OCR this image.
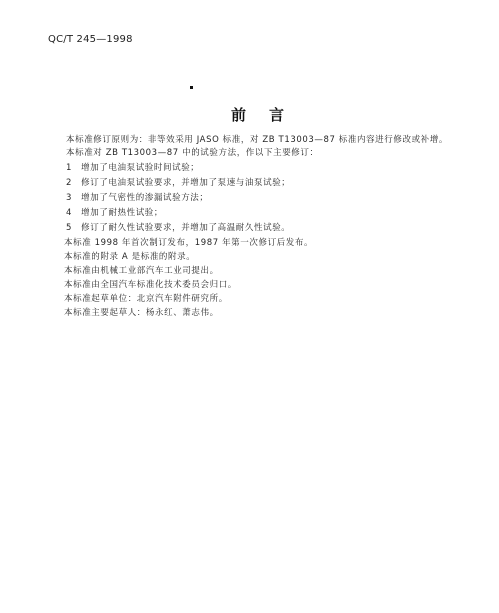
QC/T 245—1998
前 言
本标准修订原则为：非等效采用 JASO 标准，对 ZB T13003—87 标准内容进行修改或补增。
本标准对 ZB T13003—87 中的试验方法，作以下主要修订：
1　增加了电油泵试验时间试验；
2　修订了电油泵试验要求，并增加了泵速与油泵试验；
3　增加了气密性的渗漏试验方法；
4　增加了耐热性试验；
5　修订了耐久性试验要求，并增加了高温耐久性试验。
本标准 1998 年首次制订发布，1987 年第一次修订后发布。
本标准的附录 A 是标准的附录。
本标准由机械工业部汽车工业司提出。
本标准由全国汽车标准化技术委员会归口。
本标准起草单位：北京汽车附件研究所。
本标准主要起草人：杨永红、萧志伟。
